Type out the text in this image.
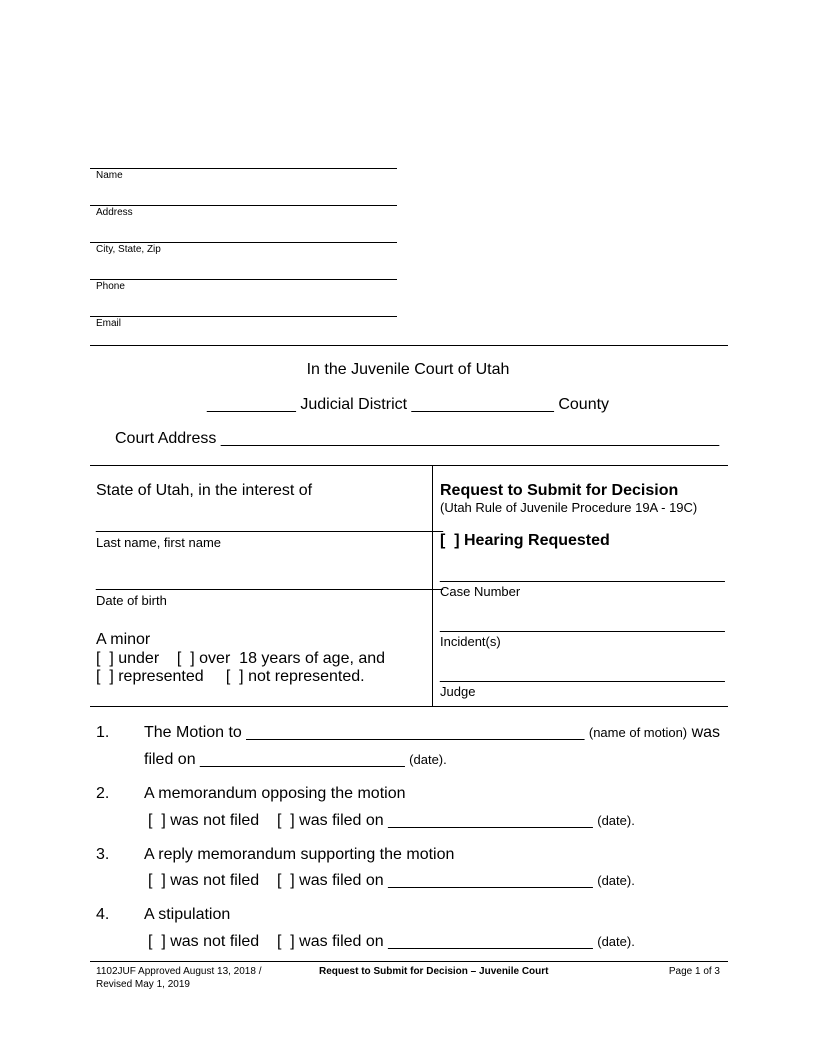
Name
Address
City, State, Zip
Phone
Email
In the Juvenile Court of Utah
__________ Judicial District ________________ County
Court Address ________________________________________________________
State of Utah, in the interest of
_______________________________________
Last name, first name
_______________________________________
Date of birth
A minor
[  ] under    [  ] over  18 years of age, and
[  ] represented     [  ] not represented.
Request to Submit for Decision
(Utah Rule of Juvenile Procedure 19A - 19C)
[  ] Hearing Requested
________________________________
Case Number
________________________________
Incident(s)
________________________________
Judge
1. The Motion to ______________________________________ (name of motion) was
filed on _______________________ (date).
2. A memorandum opposing the motion
[  ] was not filed [  ] was filed on _______________________ (date).
3. A reply memorandum supporting the motion
[  ] was not filed [  ] was filed on _______________________ (date).
4. A stipulation
[  ] was not filed [  ] was filed on _______________________ (date).
1102JUF Approved August 13, 2018 /
Revised May 1, 2019
Request to Submit for Decision – Juvenile Court	Page 1 of 3
